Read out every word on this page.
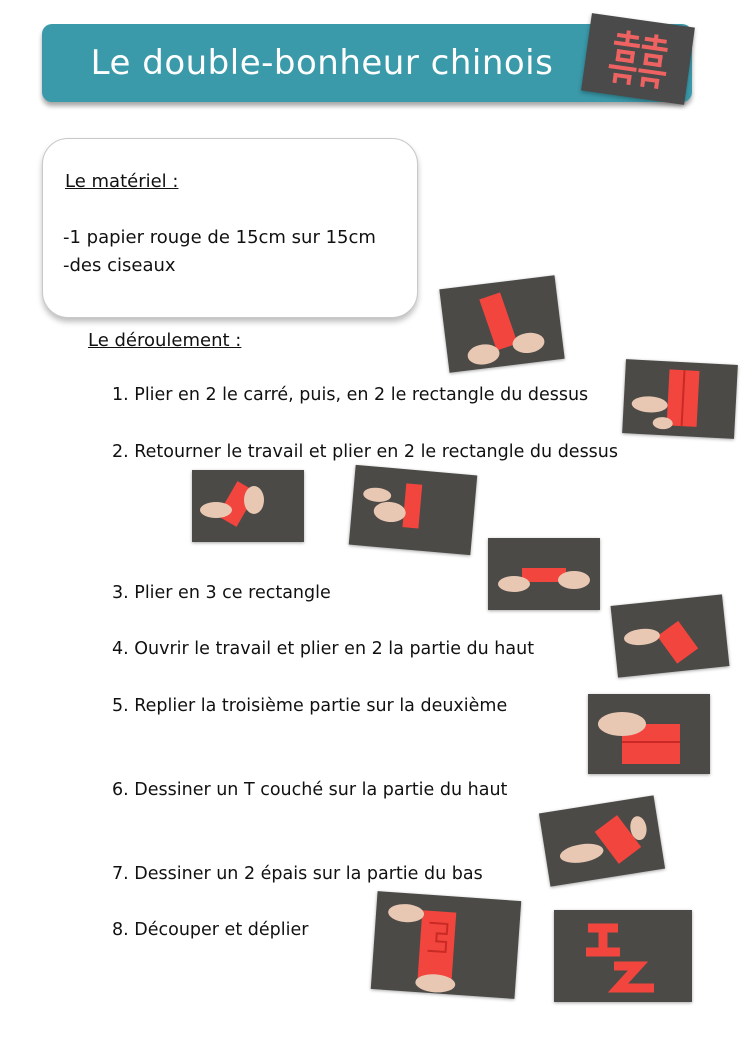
Le double-bonheur chinois
Le matériel :
-1 papier rouge de 15cm sur 15cm
-des ciseaux
Le déroulement :
1. Plier en 2 le carré, puis, en 2 le rectangle du dessus
2. Retourner le travail et plier en 2 le rectangle du dessus
3. Plier en 3 ce rectangle
4. Ouvrir le travail et plier en 2 la partie du haut
5. Replier la troisième partie sur la deuxième
6. Dessiner un T couché sur la partie du haut
7. Dessiner un 2 épais sur la partie du bas
8. Découper et déplier
